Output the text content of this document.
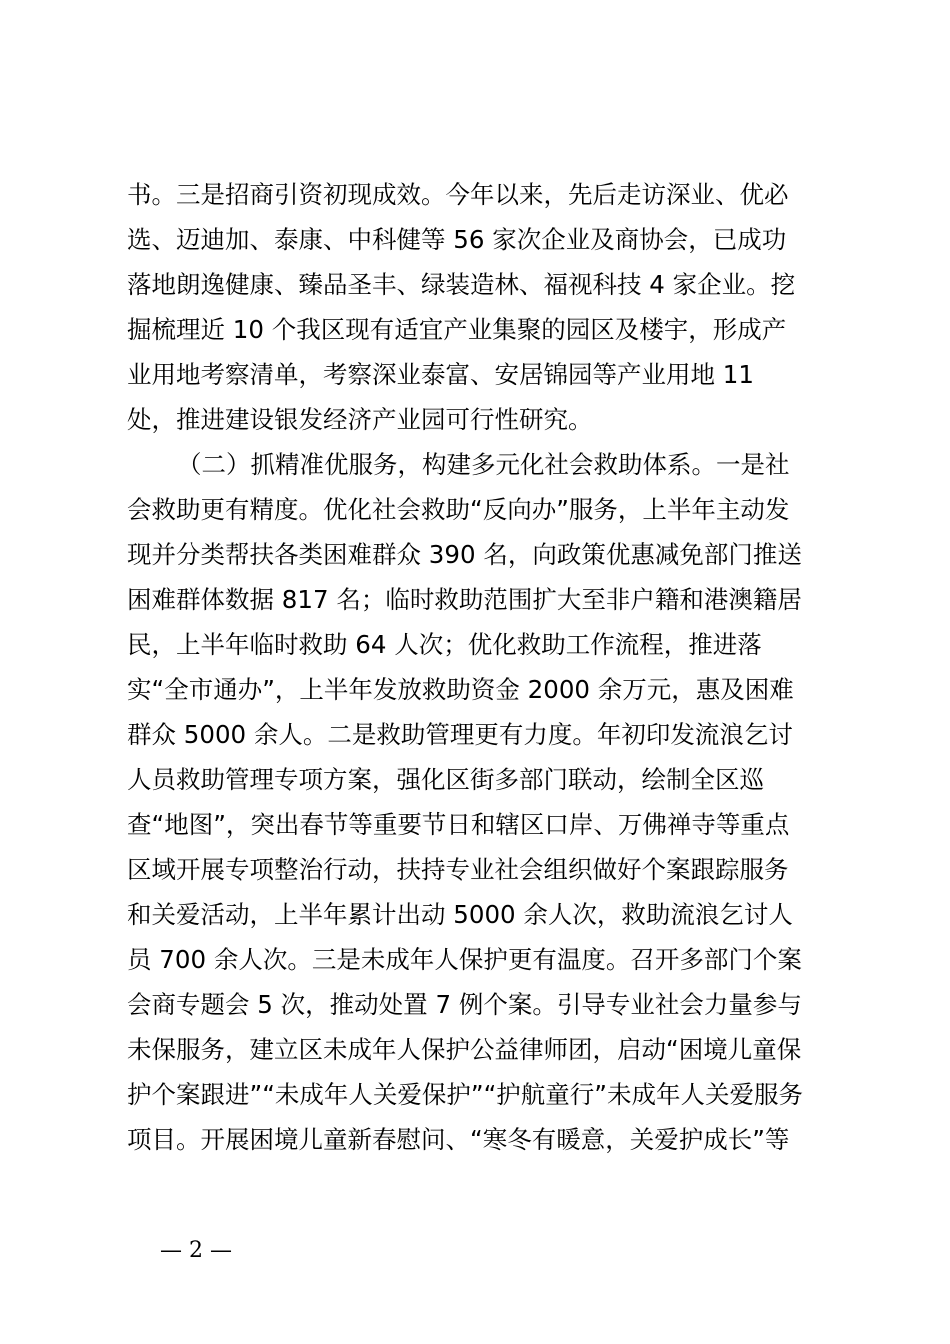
书。三是招商引资初现成效。今年以来，先后走访深业、优必
选、迈迪加、泰康、中科健等 56 家次企业及商协会，已成功
落地朗逸健康、臻品圣丰、绿装造林、福视科技 4 家企业。挖
掘梳理近 10 个我区现有适宜产业集聚的园区及楼宇，形成产
业用地考察清单，考察深业泰富、安居锦园等产业用地 11
处，推进建设银发经济产业园可行性研究。
（二）抓精准优服务，构建多元化社会救助体系。一是社
会救助更有精度。优化社会救助“反向办”服务，上半年主动发
现并分类帮扶各类困难群众 390 名，向政策优惠减免部门推送
困难群体数据 817 名；临时救助范围扩大至非户籍和港澳籍居
民，上半年临时救助 64 人次；优化救助工作流程，推进落
实“全市通办”，上半年发放救助资金 2000 余万元，惠及困难
群众 5000 余人。二是救助管理更有力度。年初印发流浪乞讨
人员救助管理专项方案，强化区街多部门联动，绘制全区巡
查“地图”，突出春节等重要节日和辖区口岸、万佛禅寺等重点
区域开展专项整治行动，扶持专业社会组织做好个案跟踪服务
和关爱活动，上半年累计出动 5000 余人次，救助流浪乞讨人
员 700 余人次。三是未成年人保护更有温度。召开多部门个案
会商专题会 5 次，推动处置 7 例个案。引导专业社会力量参与
未保服务，建立区未成年人保护公益律师团，启动“困境儿童保
护个案跟进”“未成年人关爱保护”“护航童行”未成年人关爱服务
项目。开展困境儿童新春慰问、“寒冬有暖意，关爱护成长”等
— 2 —
